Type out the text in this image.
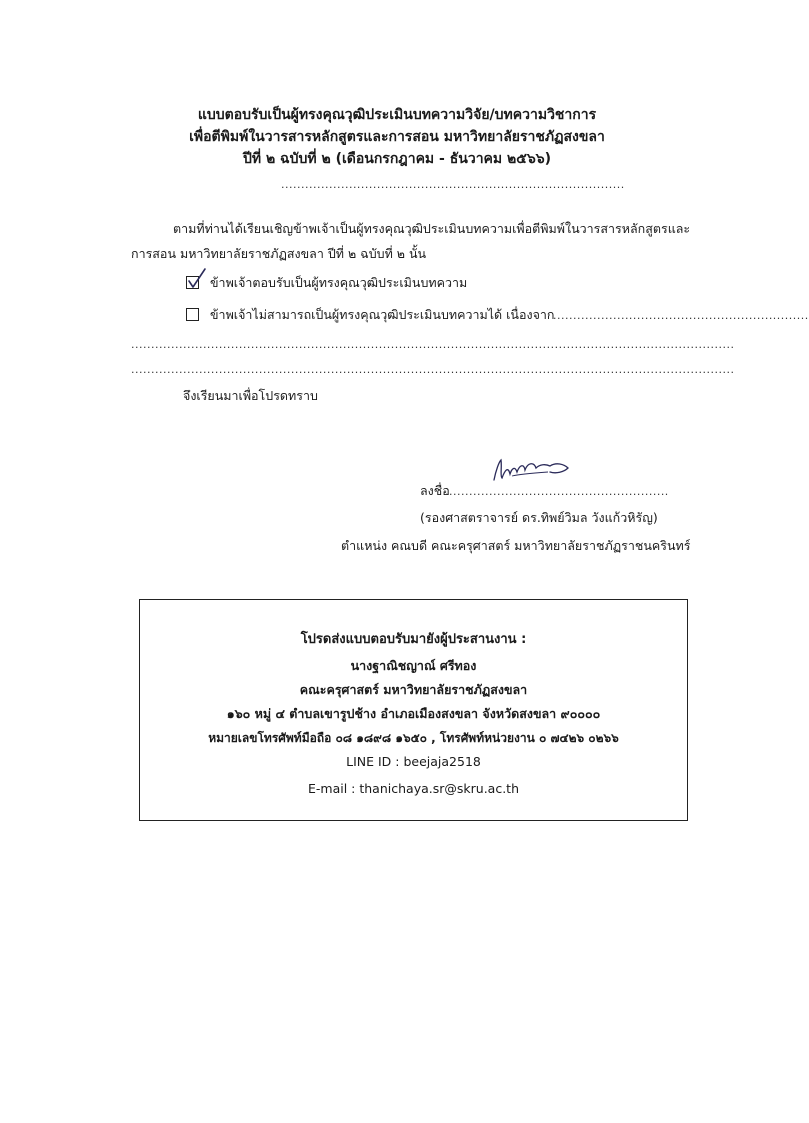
แบบตอบรับเป็นผู้ทรงคุณวุฒิประเมินบทความวิจัย/บทความวิชาการ
เพื่อตีพิมพ์ในวารสารหลักสูตรและการสอน มหาวิทยาลัยราชภัฏสงขลา
ปีที่ ๒ ฉบับที่ ๒ (เดือนกรกฎาคม - ธันวาคม ๒๕๖๖)
......................................................................................
ตามที่ท่านได้เรียนเชิญข้าพเจ้าเป็นผู้ทรงคุณวุฒิประเมินบทความเพื่อตีพิมพ์ในวารสารหลักสูตรและ
การสอน มหาวิทยาลัยราชภัฏสงขลา ปีที่ ๒ ฉบับที่ ๒ นั้น
ข้าพเจ้าตอบรับเป็นผู้ทรงคุณวุฒิประเมินบทความ
ข้าพเจ้าไม่สามารถเป็นผู้ทรงคุณวุฒิประเมินบทความได้ เนื่องจาก
................................................................
.......................................................................................................................................................
.......................................................................................................................................................
จึงเรียนมาเพื่อโปรดทราบ
ลงชื่อ
........................................................
(รองศาสตราจารย์ ดร.ทิพย์วิมล วังแก้วหิรัญ)
ตำแหน่ง คณบดี คณะครุศาสตร์ มหาวิทยาลัยราชภัฏราชนครินทร์
โปรดส่งแบบตอบรับมายังผู้ประสานงาน :
นางฐาณิชญาณ์ ศรีทอง
คณะครุศาสตร์ มหาวิทยาลัยราชภัฏสงขลา
๑๖๐ หมู่ ๔ ตำบลเขารูปช้าง อำเภอเมืองสงขลา จังหวัดสงขลา ๙๐๐๐๐
หมายเลขโทรศัพท์มือถือ ๐๘ ๑๘๙๘ ๑๖๕๐ , โทรศัพท์หน่วยงาน ๐ ๗๔๒๖ ๐๒๖๖
LINE ID : beejaja2518
E-mail : thanichaya.sr@skru.ac.th
